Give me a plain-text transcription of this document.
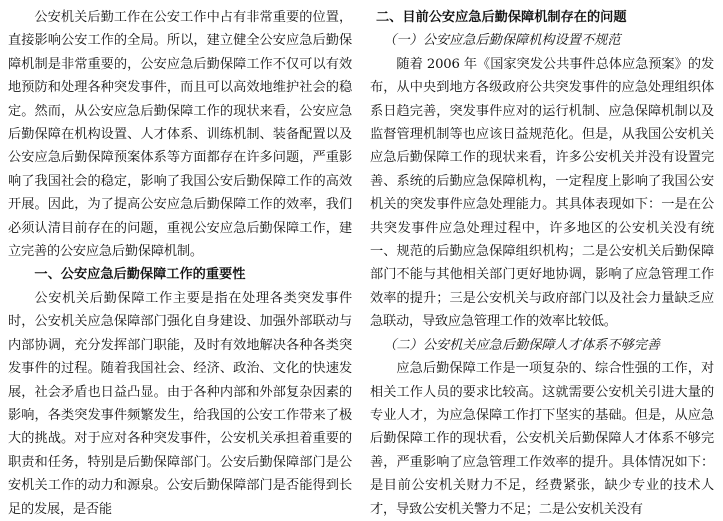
公安机关后勤工作在公安工作中占有非常重要的位置，直接影响公安工作的全局。所以，建立健全公安应急后勤保障机制是非常重要的，公安应急后勤保障工作不仅可以有效地预防和处理各种突发事件，而且可以高效地维护社会的稳定。然而，从公安应急后勤保障工作的现状来看，公安应急后勤保障在机构设置、人才体系、训练机制、装备配置以及公安应急后勤保障预案体系等方面都存在许多问题，严重影响了我国社会的稳定，影响了我国公安后勤保障工作的高效开展。因此，为了提高公安应急后勤保障工作的效率，我们必须认清目前存在的问题，重视公安应急后勤保障工作，建立完善的公安应急后勤保障机制。

一、公安应急后勤保障工作的重要性

公安机关后勤保障工作主要是指在处理各类突发事件时，公安机关应急保障部门强化自身建设、加强外部联动与内部协调，充分发挥部门职能，及时有效地解决各种各类突发事件的过程。随着我国社会、经济、政治、文化的快速发展，社会矛盾也日益凸显。由于各种内部和外部复杂因素的影响，各类突发事件频繁发生，给我国的公安工作带来了极大的挑战。对于应对各种突发事件，公安机关承担着重要的职责和任务，特别是后勤保障部门。公安后勤保障部门是公安机关工作的动力和源泉。公安后勤保障部门是否能得到长足的发展，是否能

二、目前公安应急后勤保障机制存在的问题

（一）公安应急后勤保障机构设置不规范

随着 2006 年《国家突发公共事件总体应急预案》的发布，从中央到地方各级政府公共突发事件的应急处理组织体系日趋完善，突发事件应对的运行机制、应急保障机制以及监督管理机制等也应该日益规范化。但是，从我国公安机关应急后勤保障工作的现状来看，许多公安机关并没有设置完善、系统的后勤应急保障机构，一定程度上影响了我国公安机关的突发事件应急处理能力。其具体表现如下：一是在公共突发事件应急处理过程中，许多地区的公安机关没有统一、规范的后勤应急保障组织机构；二是公安机关后勤保障部门不能与其他相关部门更好地协调，影响了应急管理工作效率的提升；三是公安机关与政府部门以及社会力量缺乏应急联动，导致应急管理工作的效率比较低。

（二）公安机关应急后勤保障人才体系不够完善

应急后勤保障工作是一项复杂的、综合性强的工作，对相关工作人员的要求比较高。这就需要公安机关引进大量的专业人才，为应急保障工作打下坚实的基础。但是，从应急后勤保障工作的现状看，公安机关后勤保障人才体系不够完善，严重影响了应急管理工作效率的提升。具体情况如下：是目前公安机关财力不足，经费紧张，缺少专业的技术人才，导致公安机关警力不足；二是公安机关没有
